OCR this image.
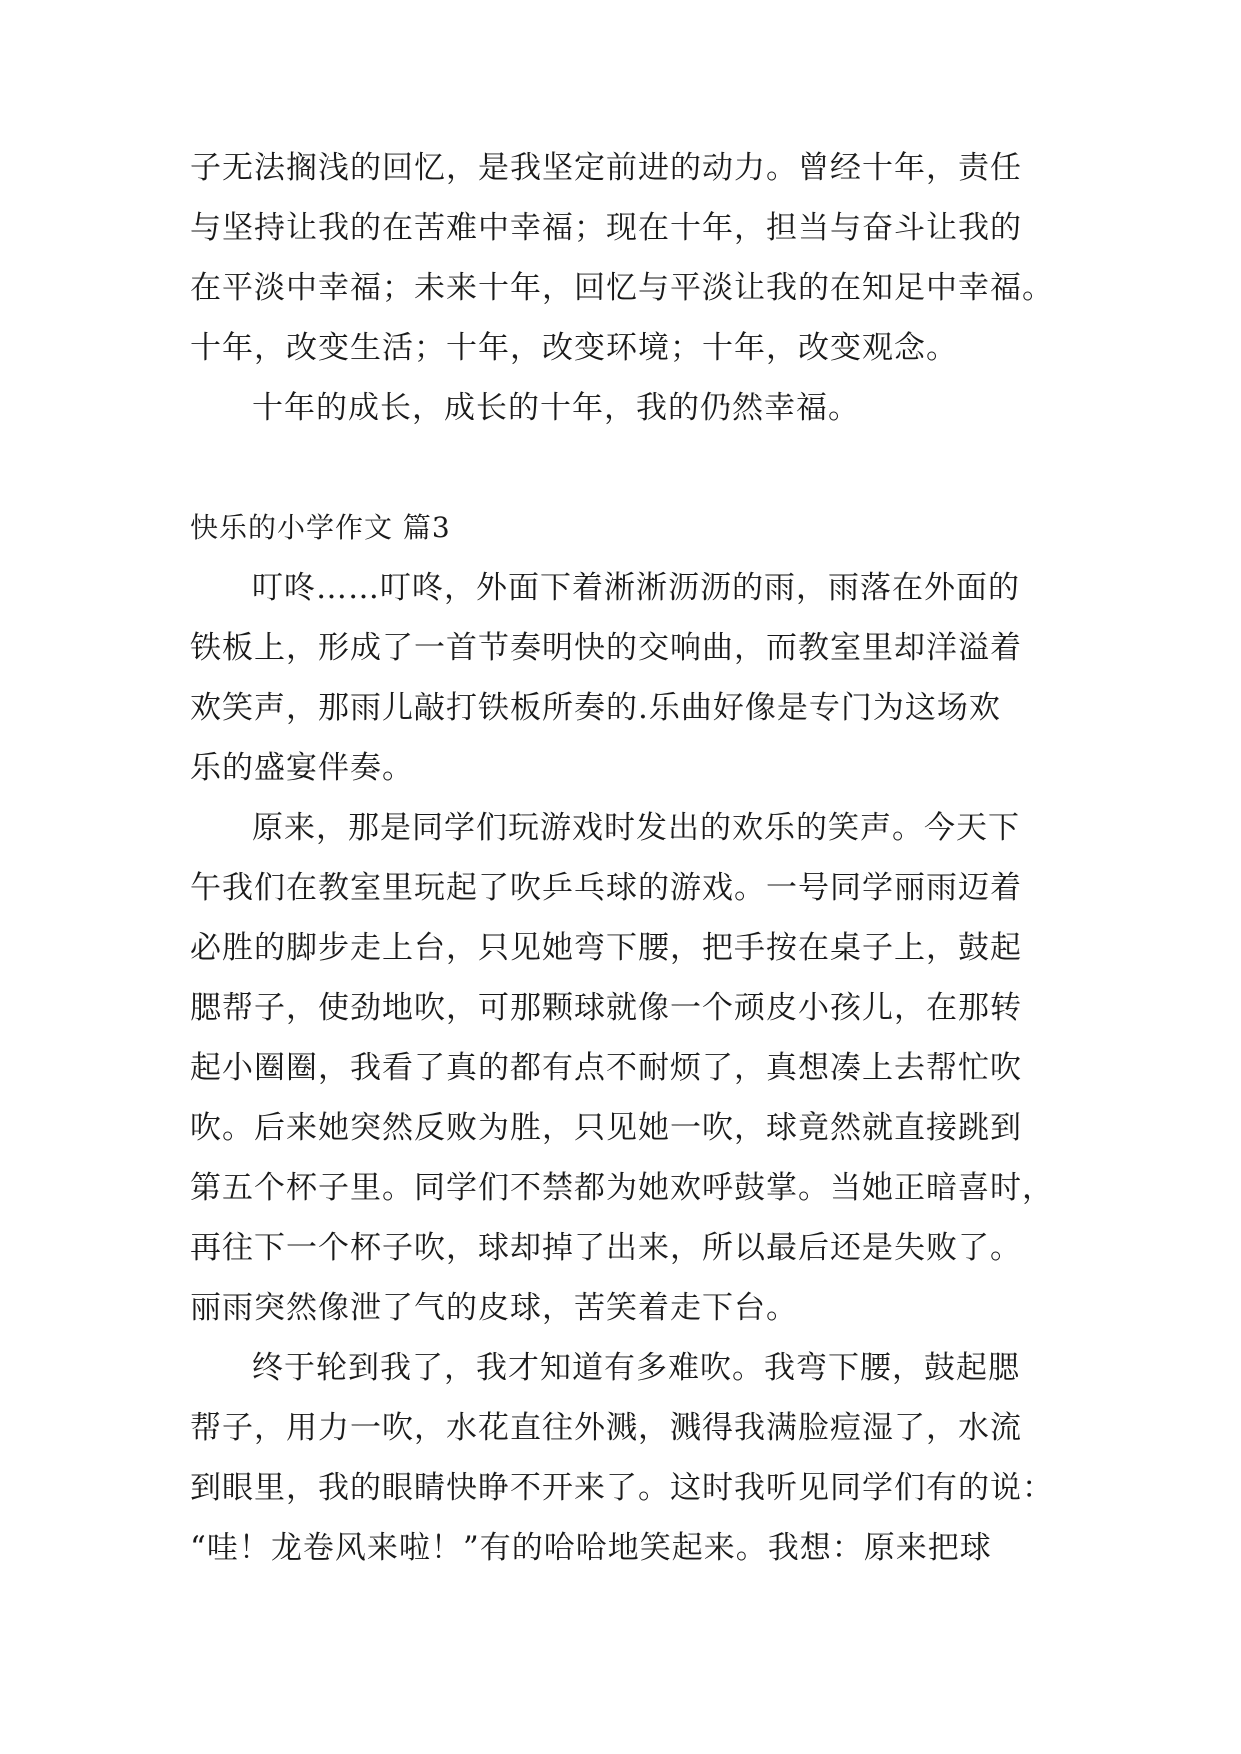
子无法搁浅的回忆，是我坚定前进的动力。曾经十年，责任
与坚持让我的在苦难中幸福；现在十年，担当与奋斗让我的
在平淡中幸福；未来十年，回忆与平淡让我的在知足中幸福。
十年，改变生活；十年，改变环境；十年，改变观念。
十年的成长，成长的十年，我的仍然幸福。
快乐的小学作文 篇3
叮咚……叮咚，外面下着淅淅沥沥的雨，雨落在外面的
铁板上，形成了一首节奏明快的交响曲，而教室里却洋溢着
欢笑声，那雨儿敲打铁板所奏的.乐曲好像是专门为这场欢
乐的盛宴伴奏。
原来，那是同学们玩游戏时发出的欢乐的笑声。今天下
午我们在教室里玩起了吹乒乓球的游戏。一号同学丽雨迈着
必胜的脚步走上台，只见她弯下腰，把手按在桌子上，鼓起
腮帮子，使劲地吹，可那颗球就像一个顽皮小孩儿，在那转
起小圈圈，我看了真的都有点不耐烦了，真想凑上去帮忙吹
吹。后来她突然反败为胜，只见她一吹，球竟然就直接跳到
第五个杯子里。同学们不禁都为她欢呼鼓掌。当她正暗喜时，
再往下一个杯子吹，球却掉了出来，所以最后还是失败了。
丽雨突然像泄了气的皮球，苦笑着走下台。
终于轮到我了，我才知道有多难吹。我弯下腰，鼓起腮
帮子，用力一吹，水花直往外溅，溅得我满脸痘湿了，水流
到眼里，我的眼睛快睁不开来了。这时我听见同学们有的说：
“哇！龙卷风来啦！”有的哈哈地笑起来。我想：原来把球
